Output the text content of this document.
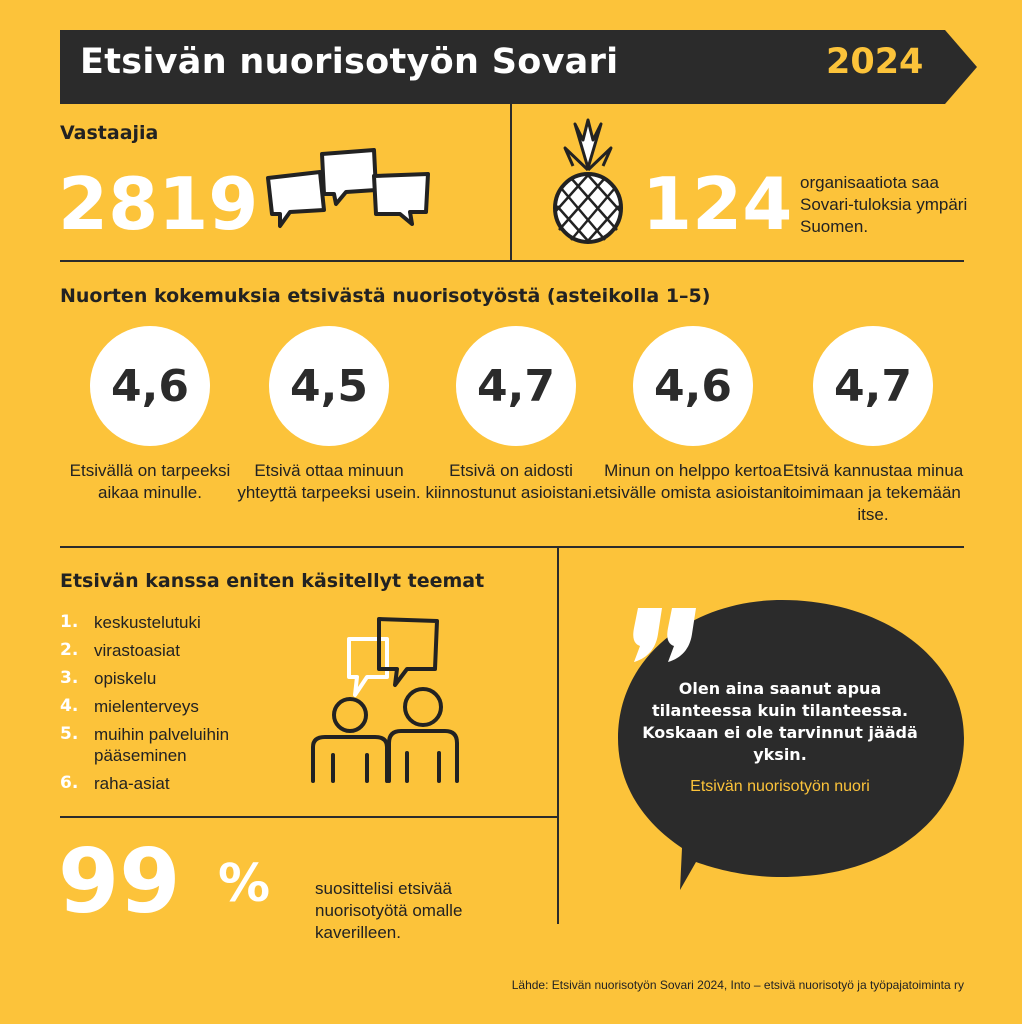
Etsivän nuorisotyön Sovari	2024
Vastaajia
2819	124 organisaatiota saa Sovari-tuloksia ympäri Suomen.
Nuorten kokemuksia etsivästä nuorisotyöstä (asteikolla 1–5)
4,6 4,5 4,7 4,6 4,7
Etsivällä on tarpeeksi aikaa minulle.
Etsivä ottaa minuun yhteyttä tarpeeksi usein.
Etsivä on aidosti kiinnostunut asioistani.
Minun on helppo kertoa etsivälle omista asioistani.
Etsivä kannustaa minua toimimaan ja tekemään itse.
Etsivän kanssa eniten käsitellyt teemat
1. keskustelutuki
2. virastoasiat
3. opiskelu
4. mielenterveys
5. muihin palveluihin pääseminen
6. raha-asiat
99 %	suosittelisi etsivää nuorisotyötä omalle kaverilleen.
Olen aina saanut apua tilanteessa kuin tilanteessa. Koskaan ei ole tarvinnut jäädä yksin.
Etsivän nuorisotyön nuori
Lähde: Etsivän nuorisotyön Sovari 2024, Into – etsivä nuorisotyö ja työpajatoiminta ry
